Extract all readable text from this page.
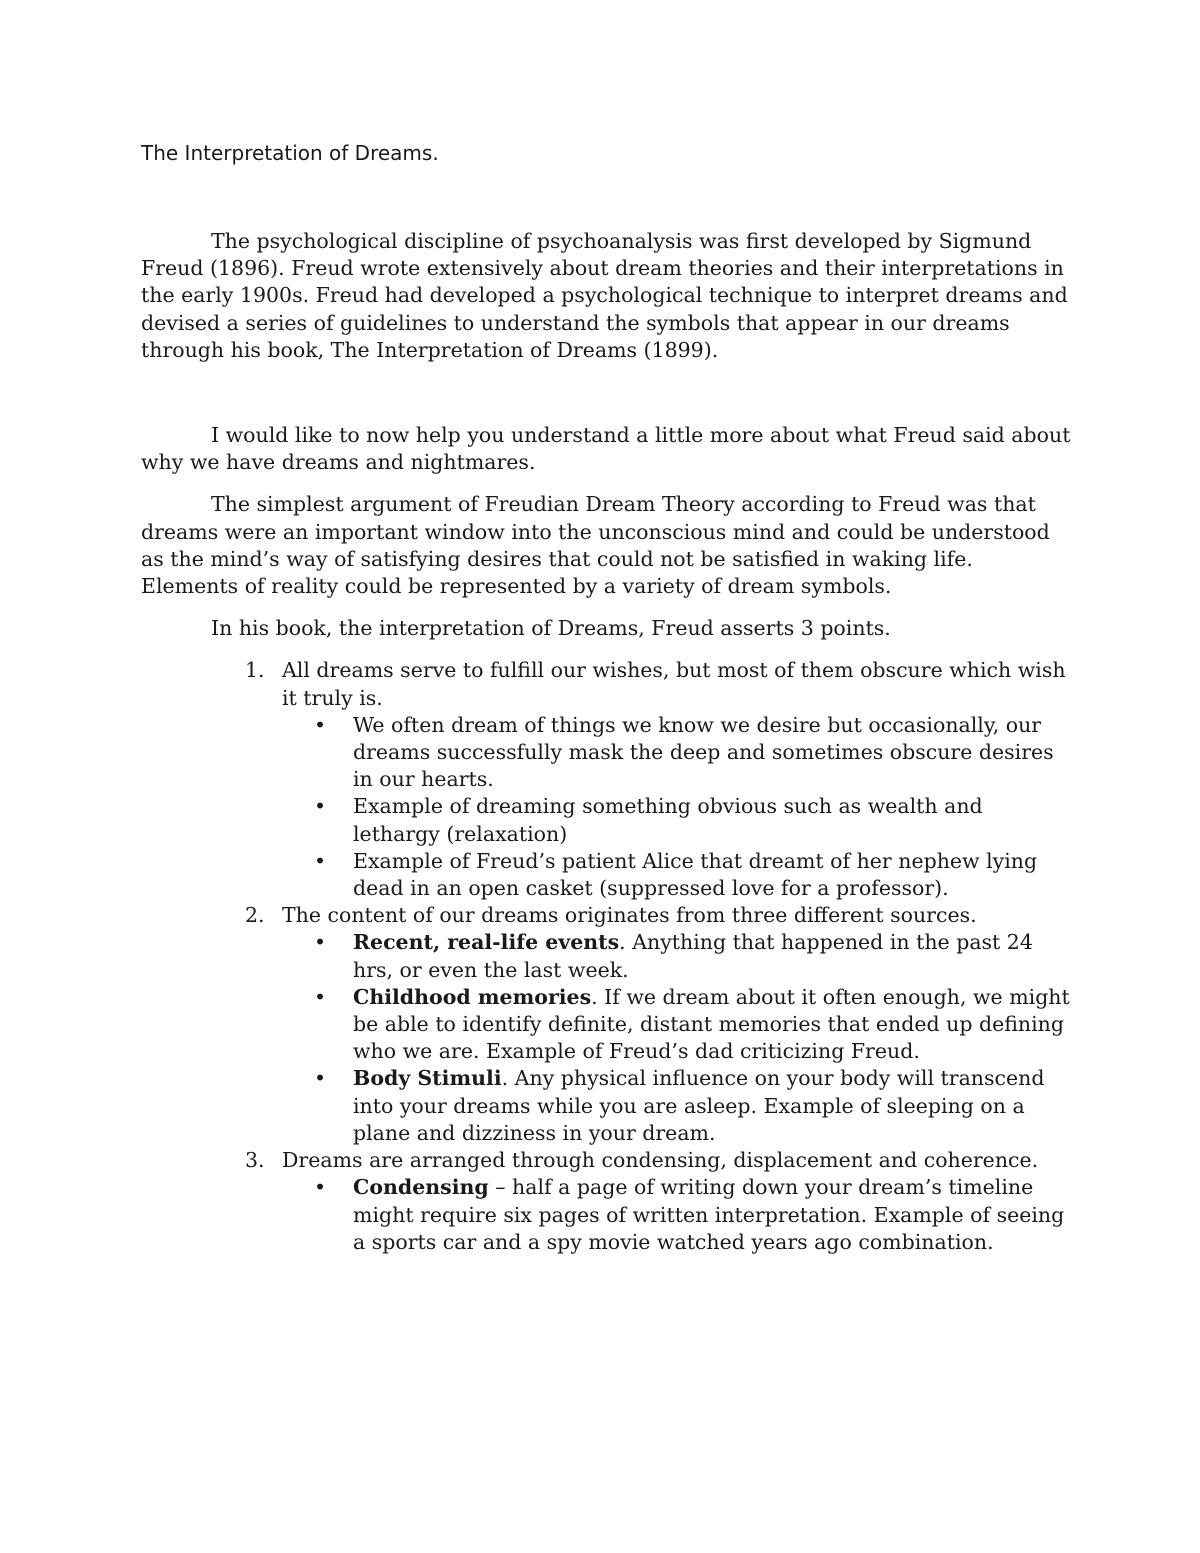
The Interpretation of Dreams.

The psychological discipline of psychoanalysis was first developed by Sigmund Freud (1896). Freud wrote extensively about dream theories and their interpretations in the early 1900s. Freud had developed a psychological technique to interpret dreams and devised a series of guidelines to understand the symbols that appear in our dreams through his book, The Interpretation of Dreams (1899).

I would like to now help you understand a little more about what Freud said about why we have dreams and nightmares.

The simplest argument of Freudian Dream Theory according to Freud was that dreams were an important window into the unconscious mind and could be understood as the mind’s way of satisfying desires that could not be satisfied in waking life. Elements of reality could be represented by a variety of dream symbols.

In his book, the interpretation of Dreams, Freud asserts 3 points.

1. All dreams serve to fulfill our wishes, but most of them obscure which wish it truly is.
• We often dream of things we know we desire but occasionally, our dreams successfully mask the deep and sometimes obscure desires in our hearts.
• Example of dreaming something obvious such as wealth and lethargy (relaxation)
• Example of Freud’s patient Alice that dreamt of her nephew lying dead in an open casket (suppressed love for a professor).
2. The content of our dreams originates from three different sources.
• Recent, real-life events. Anything that happened in the past 24 hrs, or even the last week.
• Childhood memories. If we dream about it often enough, we might be able to identify definite, distant memories that ended up defining who we are. Example of Freud’s dad criticizing Freud.
• Body Stimuli. Any physical influence on your body will transcend into your dreams while you are asleep. Example of sleeping on a plane and dizziness in your dream.
3. Dreams are arranged through condensing, displacement and coherence.
• Condensing – half a page of writing down your dream’s timeline might require six pages of written interpretation. Example of seeing a sports car and a spy movie watched years ago combination.
